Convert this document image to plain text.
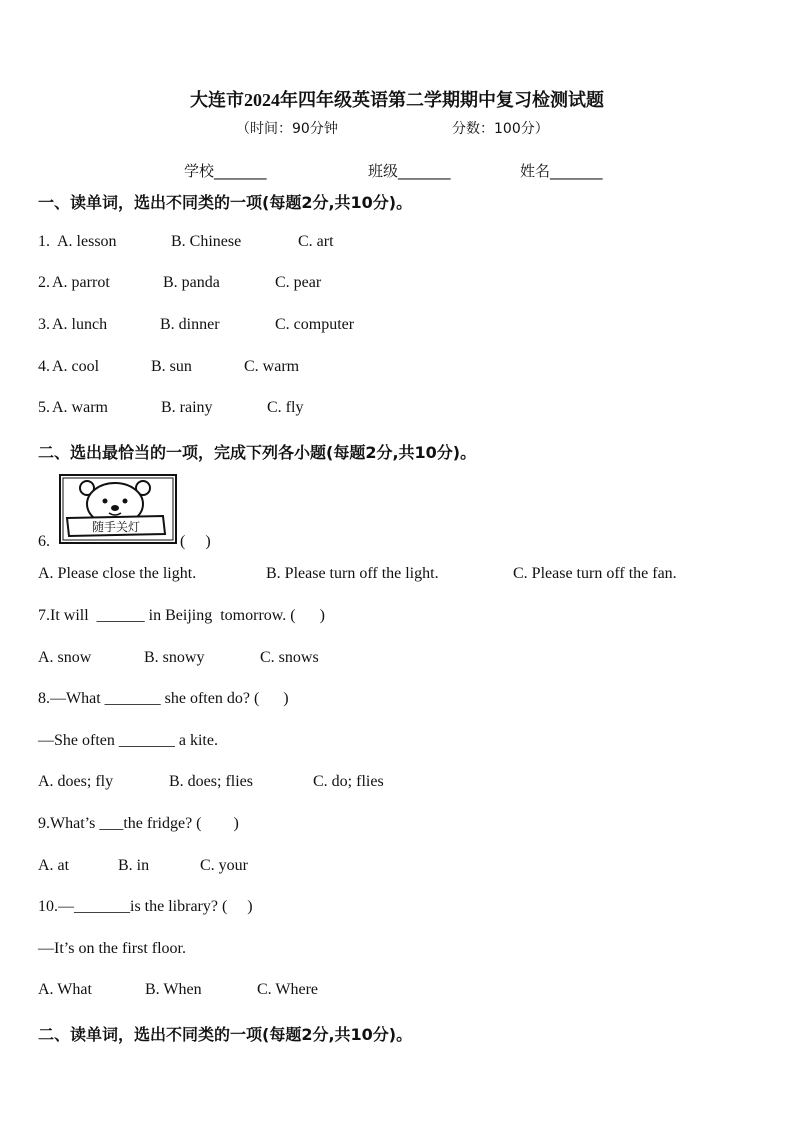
大连市2024年四年级英语第二学期期中复习检测试题
（时间：90分钟	分数：100分）
学校_______	班级_______	姓名_______
一、读单词，选出不同类的一项(每题2分,共10分)。
1. A. lesson	B. Chinese	C. art
2. A. parrot	B. panda	C. pear
3. A. lunch	B. dinner	C. computer
4. A. cool	B. sun	C. warm
5. A. warm	B. rainy	C. fly
二、选出最恰当的一项，完成下列各小题(每题2分,共10分)。
6.
随手关灯
(     )
A. Please close the light.	B. Please turn off the light.	C. Please turn off the fan.
7.It will  ______ in Beijing  tomorrow. (      )
A. snow	B. snowy	C. snows
8.—What _______ she often do? (      )
—She often _______ a kite.
A. does; fly	B. does; flies	C. do; flies
9.What’s ___the fridge? (        )
A. at	B. in	C. your
10.—_______is the library? (     )
—It’s on the first floor.
A. What	B. When	C. Where
二、读单词，选出不同类的一项(每题2分,共10分)。
